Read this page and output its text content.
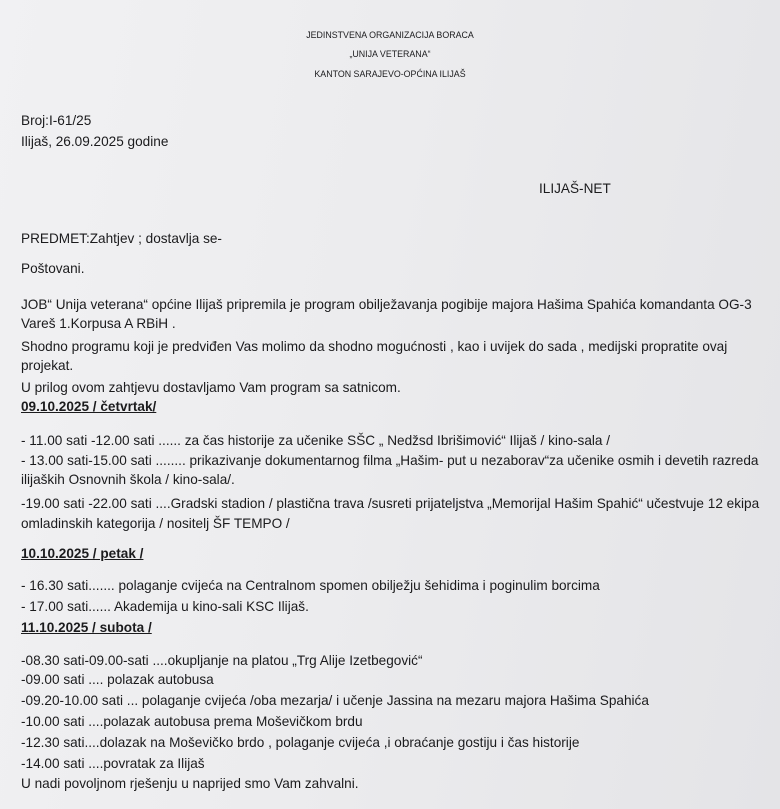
JEDINSTVENA ORGANIZACIJA BORACA
„UNIJA VETERANA“
KANTON SARAJEVO-OPĆINA ILIJAŠ
Broj:I-61/25
Ilijaš, 26.09.2025 godine
ILIJAŠ-NET
PREDMET:Zahtjev ; dostavlja se-
Poštovani.
JOB“ Unija veterana“ općine Ilijaš pripremila je program obilježavanja pogibije majora Hašima Spahića komandanta OG-3
Vareš 1.Korpusa A RBiH .
Shodno programu koji je predviđen Vas molimo da shodno mogućnosti , kao i uvijek do sada , medijski propratite ovaj
projekat.
U prilog ovom zahtjevu dostavljamo Vam program sa satnicom.
09.10.2025 / četvrtak/
- 11.00 sati -12.00 sati ...... za čas historije za učenike SŠC „ Nedžsd Ibrišimović“ Ilijaš / kino-sala /
- 13.00 sati-15.00 sati ........ prikazivanje dokumentarnog filma „Hašim- put u nezaborav“za učenike osmih i devetih razreda
ilijaških Osnovnih škola / kino-sala/.
-19.00 sati -22.00 sati ....Gradski stadion / plastična trava /susreti prijateljstva „Memorijal Hašim Spahić“ učestvuje 12 ekipa
omladinskih kategorija / nositelj ŠF TEMPO /
10.10.2025 / petak /
- 16.30 sati....... polaganje cvijeća na Centralnom spomen obilježju šehidima i poginulim borcima
- 17.00 sati...... Akademija u kino-sali KSC Ilijaš.
11.10.2025 / subota /
-08.30 sati-09.00-sati ....okupljanje na platou „Trg Alije Izetbegović“
-09.00 sati .... polazak autobusa
-09.20-10.00 sati ... polaganje cvijeća /oba mezarja/ i učenje Jassina na mezaru majora Hašima Spahića
-10.00 sati ....polazak autobusa prema Moševičkom brdu
-12.30 sati....dolazak na Moševičko brdo , polaganje cvijeća ,i obraćanje gostiju i čas historije
-14.00 sati ....povratak za Ilijaš
U nadi povoljnom rješenju u naprijed smo Vam zahvalni.
